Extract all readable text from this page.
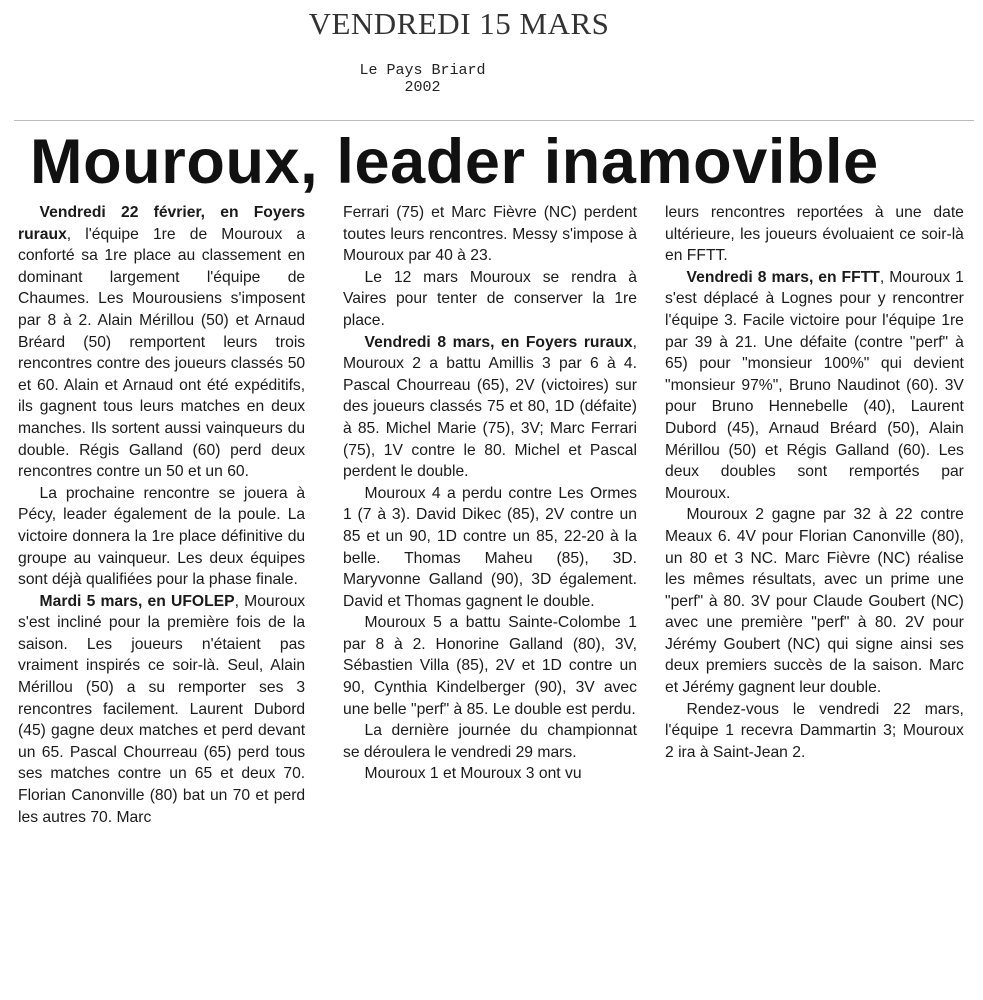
VENDREDI 15 MARS
Le Pays Briard
2002
Mouroux, leader inamovible

Vendredi 22 février, en Foyers ruraux, l'équipe 1re de Mouroux a conforté sa 1re place au classement en dominant largement l'équipe de Chaumes. Les Mourousiens s'imposent par 8 à 2. Alain Mérillou (50) et Arnaud Bréard (50) remportent leurs trois rencontres contre des joueurs classés 50 et 60. Alain et Arnaud ont été expéditifs, ils gagnent tous leurs matches en deux manches. Ils sortent aussi vainqueurs du double. Régis Galland (60) perd deux rencontres contre un 50 et un 60.

La prochaine rencontre se jouera à Pécy, leader également de la poule. La victoire donnera la 1re place définitive du groupe au vainqueur. Les deux équipes sont déjà qualifiées pour la phase finale.

Mardi 5 mars, en UFOLEP, Mouroux s'est incliné pour la première fois de la saison. Les joueurs n'étaient pas vraiment inspirés ce soir-là. Seul, Alain Mérillou (50) a su remporter ses 3 rencontres facilement. Laurent Dubord (45) gagne deux matches et perd devant un 65. Pascal Chourreau (65) perd tous ses matches contre un 65 et deux 70. Florian Canonville (80) bat un 70 et perd les autres 70. Marc

Ferrari (75) et Marc Fièvre (NC) perdent toutes leurs rencontres. Messy s'impose à Mouroux par 40 à 23.

Le 12 mars Mouroux se rendra à Vaires pour tenter de conserver la 1re place.

Vendredi 8 mars, en Foyers ruraux, Mouroux 2 a battu Amillis 3 par 6 à 4. Pascal Chourreau (65), 2V (victoires) sur des joueurs classés 75 et 80, 1D (défaite) à 85. Michel Marie (75), 3V; Marc Ferrari (75), 1V contre le 80. Michel et Pascal perdent le double.

Mouroux 4 a perdu contre Les Ormes 1 (7 à 3). David Dikec (85), 2V contre un 85 et un 90, 1D contre un 85, 22-20 à la belle. Thomas Maheu (85), 3D. Maryvonne Galland (90), 3D également. David et Thomas gagnent le double.

Mouroux 5 a battu Sainte-Colombe 1 par 8 à 2. Honorine Galland (80), 3V, Sébastien Villa (85), 2V et 1D contre un 90, Cynthia Kindelberger (90), 3V avec une belle "perf" à 85. Le double est perdu.

La dernière journée du championnat se déroulera le vendredi 29 mars.

Mouroux 1 et Mouroux 3 ont vu

leurs rencontres reportées à une date ultérieure, les joueurs évoluaient ce soir-là en FFTT.

Vendredi 8 mars, en FFTT, Mouroux 1 s'est déplacé à Lognes pour y rencontrer l'équipe 3. Facile victoire pour l'équipe 1re par 39 à 21. Une défaite (contre "perf" à 65) pour "monsieur 100%" qui devient "monsieur 97%", Bruno Naudinot (60). 3V pour Bruno Hennebelle (40), Laurent Dubord (45), Arnaud Bréard (50), Alain Mérillou (50) et Régis Galland (60). Les deux doubles sont remportés par Mouroux.

Mouroux 2 gagne par 32 à 22 contre Meaux 6. 4V pour Florian Canonville (80), un 80 et 3 NC. Marc Fièvre (NC) réalise les mêmes résultats, avec un prime une "perf" à 80. 3V pour Claude Goubert (NC) avec une première "perf" à 80. 2V pour Jérémy Goubert (NC) qui signe ainsi ses deux premiers succès de la saison. Marc et Jérémy gagnent leur double.

Rendez-vous le vendredi 22 mars, l'équipe 1 recevra Dammartin 3; Mouroux 2 ira à Saint-Jean 2.
